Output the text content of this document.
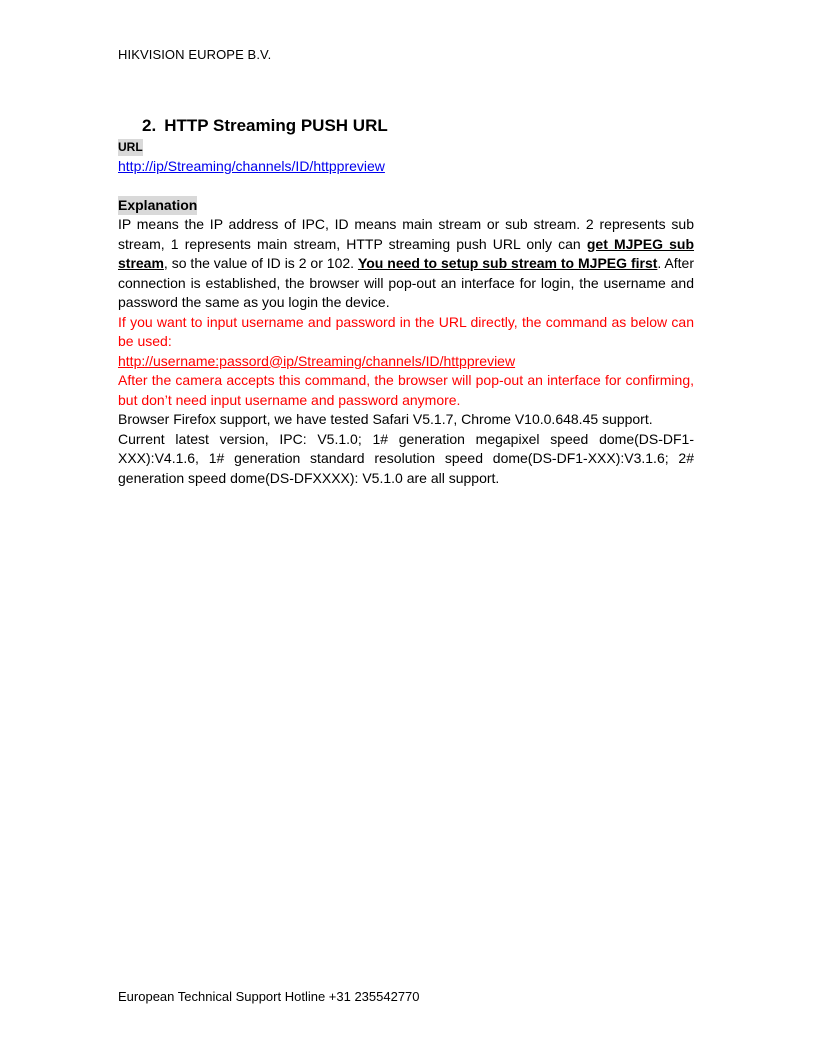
HIKVISION EUROPE B.V.
2. HTTP Streaming PUSH URL
URL
http://ip/Streaming/channels/ID/httppreview
Explanation

IP means the IP address of IPC, ID means main stream or sub stream. 2 represents sub stream, 1 represents main stream, HTTP streaming push URL only can get MJPEG sub stream, so the value of ID is 2 or 102. You need to setup sub stream to MJPEG first. After connection is established, the browser will pop-out an interface for login, the username and password the same as you login the device.

If you want to input username and password in the URL directly, the command as below can be used:

http://username:passord@ip/Streaming/channels/ID/httppreview

After the camera accepts this command, the browser will pop-out an interface for confirming, but don’t need input username and password anymore.

Browser Firefox support, we have tested Safari V5.1.7, Chrome V10.0.648.45 support.

Current latest version, IPC: V5.1.0; 1# generation megapixel speed dome(DS-DF1-XXX):V4.1.6, 1# generation standard resolution speed dome(DS-DF1-XXX):V3.1.6; 2# generation speed dome(DS-DFXXXX): V5.1.0 are all support.

European Technical Support Hotline +31 235542770
